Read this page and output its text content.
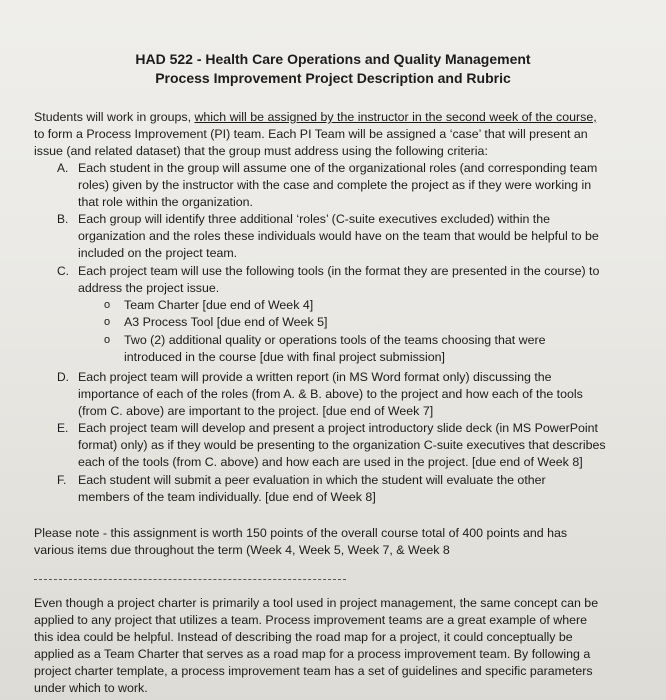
HAD 522 - Health Care Operations and Quality Management
Process Improvement Project Description and Rubric
Students will work in groups, which will be assigned by the instructor in the second week of the course,
to form a Process Improvement (PI) team. Each PI Team will be assigned a ‘case’ that will present an
issue (and related dataset) that the group must address using the following criteria:
A. Each student in the group will assume one of the organizational roles (and corresponding team
roles) given by the instructor with the case and complete the project as if they were working in
that role within the organization.
B. Each group will identify three additional ‘roles’ (C-suite executives excluded) within the
organization and the roles these individuals would have on the team that would be helpful to be
included on the project team.
C. Each project team will use the following tools (in the format they are presented in the course) to
address the project issue.
o Team Charter [due end of Week 4]
o A3 Process Tool [due end of Week 5]
o Two (2) additional quality or operations tools of the teams choosing that were
introduced in the course [due with final project submission]
D. Each project team will provide a written report (in MS Word format only) discussing the
importance of each of the roles (from A. & B. above) to the project and how each of the tools
(from C. above) are important to the project. [due end of Week 7]
E. Each project team will develop and present a project introductory slide deck (in MS PowerPoint
format) only) as if they would be presenting to the organization C-suite executives that describes
each of the tools (from C. above) and how each are used in the project. [due end of Week 8]
F. Each student will submit a peer evaluation in which the student will evaluate the other
members of the team individually. [due end of Week 8]
Please note - this assignment is worth 150 points of the overall course total of 400 points and has
various items due throughout the term (Week 4, Week 5, Week 7, & Week 8
Even though a project charter is primarily a tool used in project management, the same concept can be
applied to any project that utilizes a team. Process improvement teams are a great example of where
this idea could be helpful. Instead of describing the road map for a project, it could conceptually be
applied as a Team Charter that serves as a road map for a process improvement team. By following a
project charter template, a process improvement team has a set of guidelines and specific parameters
under which to work.
